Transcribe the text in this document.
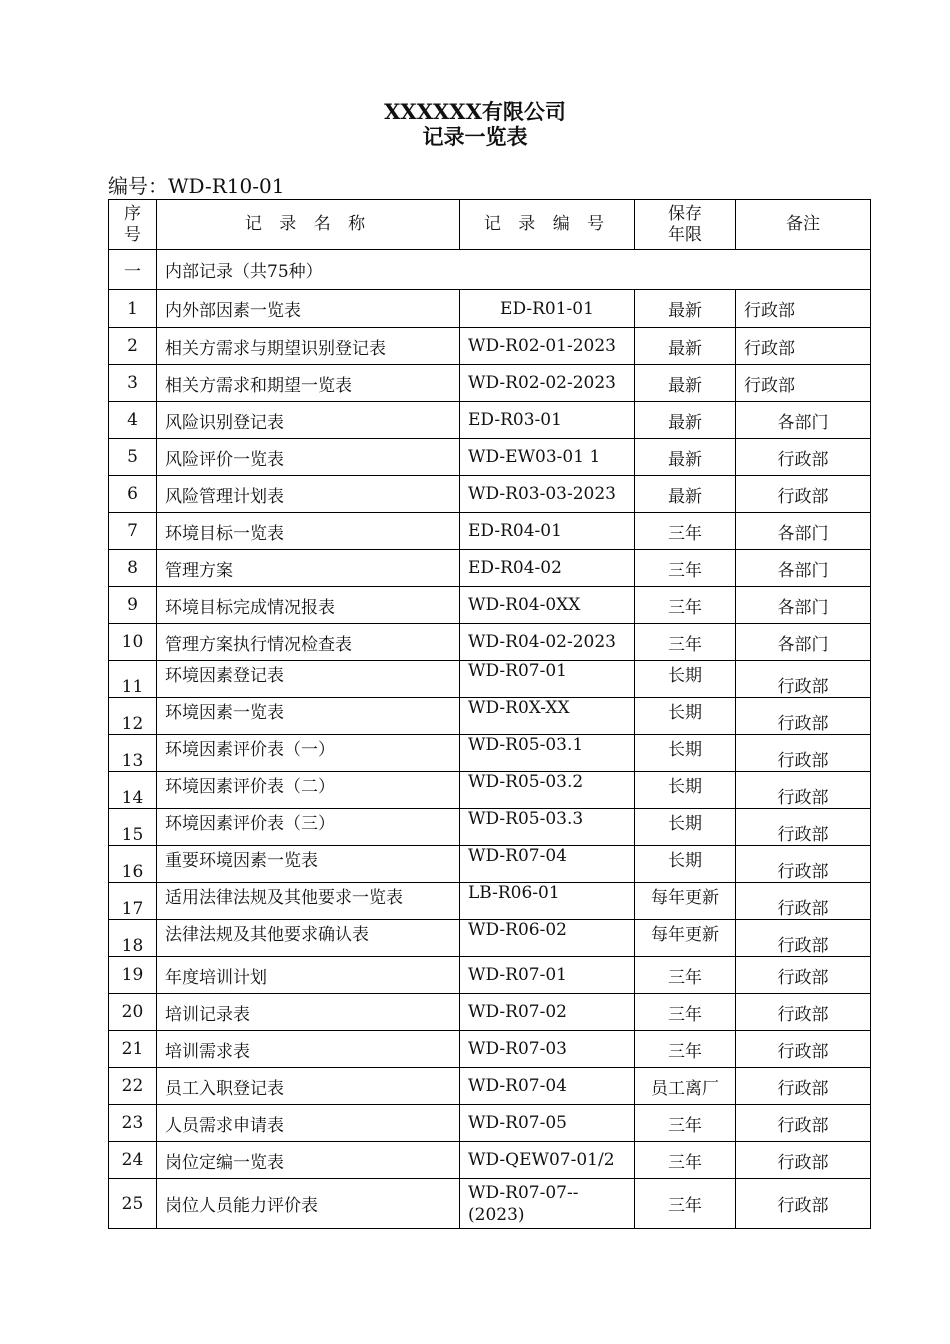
XXXXXX有限公司
记录一览表
编号：WD-R10-01
序号	记 录 名 称	记 录 编 号	保存年限	备注
一	内部记录（共75种）			
1	内外部因素一览表	ED-R01-01	最新	行政部
2	相关方需求与期望识别登记表	WD-R02-01-2023	最新	行政部
3	相关方需求和期望一览表	WD-R02-02-2023	最新	行政部
4	风险识别登记表	ED-R03-01	最新	各部门
5	风险评价一览表	WD-EW03-01 1	最新	行政部
6	风险管理计划表	WD-R03-03-2023	最新	行政部
7	环境目标一览表	ED-R04-01	三年	各部门
8	管理方案	ED-R04-02	三年	各部门
9	环境目标完成情况报表	WD-R04-0XX	三年	各部门
10	管理方案执行情况检查表	WD-R04-02-2023	三年	各部门
11	环境因素登记表	WD-R07-01	长期	行政部
12	环境因素一览表	WD-R0X-XX	长期	行政部
13	环境因素评价表（一）	WD-R05-03.1	长期	行政部
14	环境因素评价表（二）	WD-R05-03.2	长期	行政部
15	环境因素评价表（三）	WD-R05-03.3	长期	行政部
16	重要环境因素一览表	WD-R07-04	长期	行政部
17	适用法律法规及其他要求一览表	LB-R06-01	每年更新	行政部
18	法律法规及其他要求确认表	WD-R06-02	每年更新	行政部
19	年度培训计划	WD-R07-01	三年	行政部
20	培训记录表	WD-R07-02	三年	行政部
21	培训需求表	WD-R07-03	三年	行政部
22	员工入职登记表	WD-R07-04	员工离厂	行政部
23	人员需求申请表	WD-R07-05	三年	行政部
24	岗位定编一览表	WD-QEW07-01/2	三年	行政部
25	岗位人员能力评价表	WD-R07-07--(2023)	三年	行政部
